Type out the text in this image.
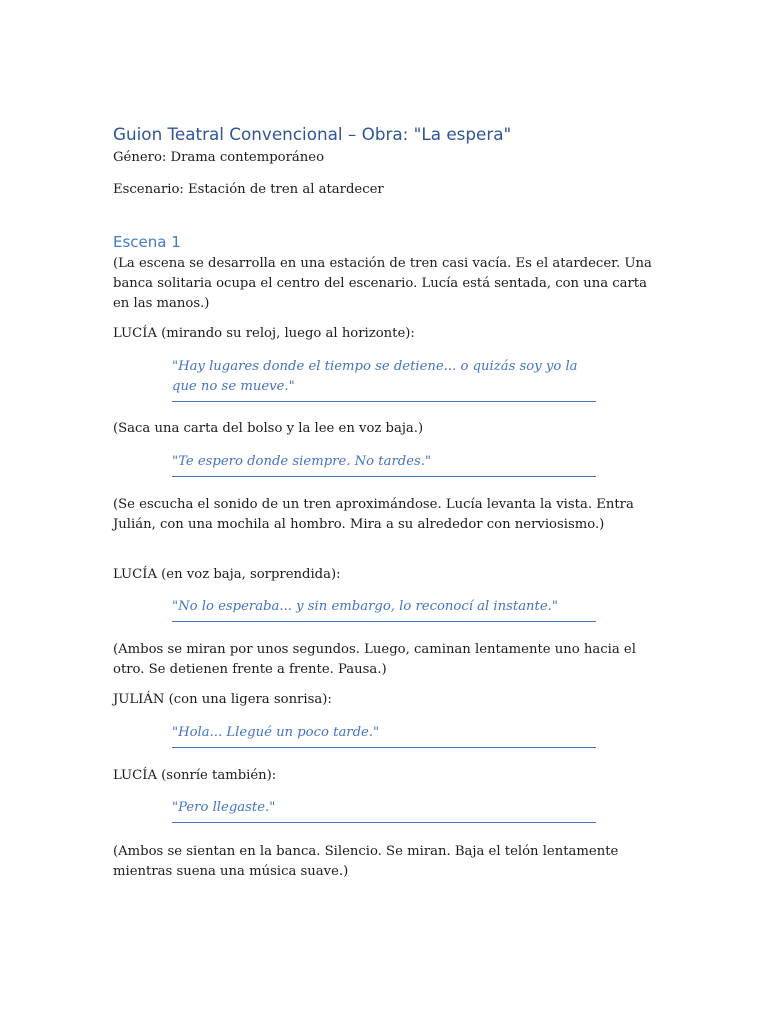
Guion Teatral Convencional – Obra: "La espera"
Género: Drama contemporáneo
Escenario: Estación de tren al atardecer
Escena 1

(La escena se desarrolla en una estación de tren casi vacía. Es el atardecer. Una banca solitaria ocupa el centro del escenario. Lucía está sentada, con una carta en las manos.)

LUCÍA (mirando su reloj, luego al horizonte):
"Hay lugares donde el tiempo se detiene... o quizás soy yo la que no se mueve."
(Saca una carta del bolso y la lee en voz baja.)
"Te espero donde siempre. No tardes."

(Se escucha el sonido de un tren aproximándose. Lucía levanta la vista. Entra Julián, con una mochila al hombro. Mira a su alrededor con nerviosismo.)

LUCÍA (en voz baja, sorprendida):
"No lo esperaba... y sin embargo, lo reconocí al instante."

(Ambos se miran por unos segundos. Luego, caminan lentamente uno hacia el otro. Se detienen frente a frente. Pausa.)

JULIÁN (con una ligera sonrisa):
"Hola... Llegué un poco tarde."
LUCÍA (sonríe también):
"Pero llegaste."

(Ambos se sientan en la banca. Silencio. Se miran. Baja el telón lentamente mientras suena una música suave.)
